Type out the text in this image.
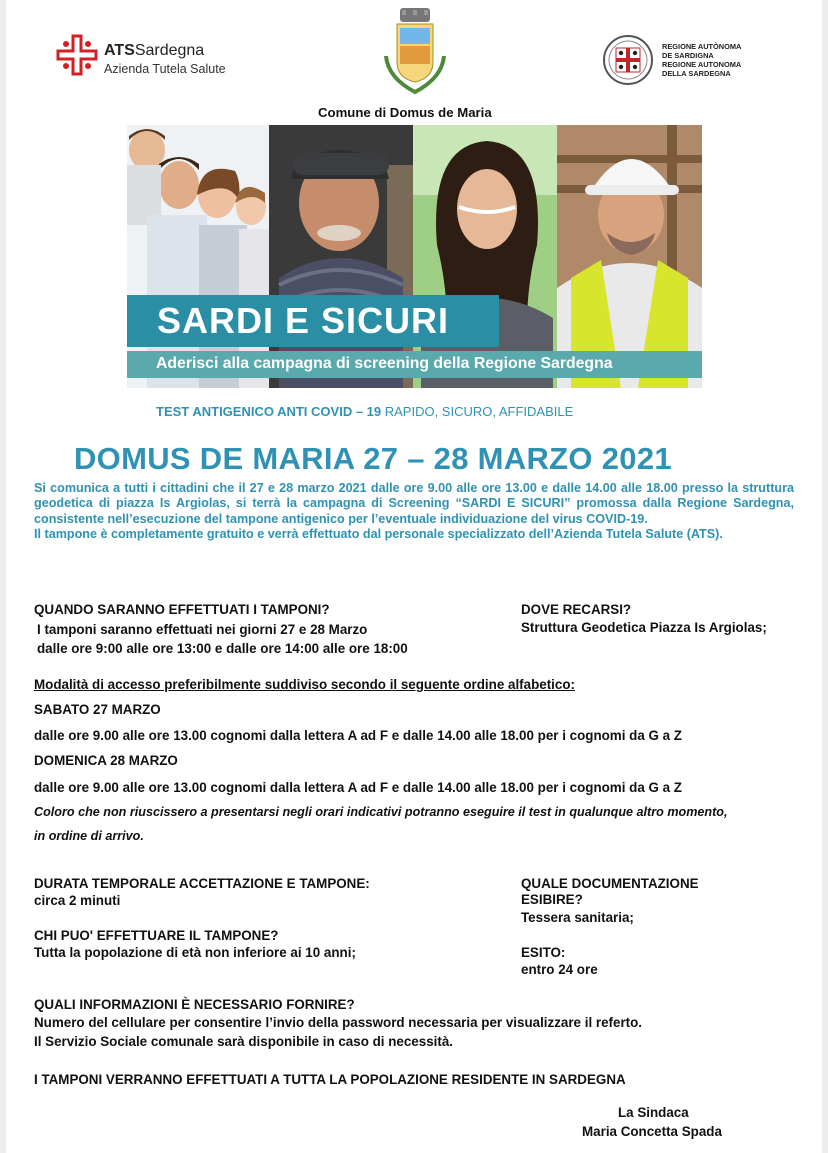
ATSSardegna
Azienda Tutela Salute
REGIONE AUTÒNOMA
DE SARDIGNA
REGIONE AUTONOMA
DELLA SARDEGNA
Comune di Domus de Maria
SARDI E SICURI
Aderisci alla campagna di screening della Regione Sardegna
TEST ANTIGENICO ANTI COVID – 19 RAPIDO, SICURO, AFFIDABILE
DOMUS DE MARIA 27 – 28 MARZO 2021

Si comunica a tutti i cittadini che il 27 e 28 marzo 2021 dalle ore 9.00 alle ore 13.00 e dalle 14.00 alle 18.00 presso la struttura geodetica di piazza Is Argiolas, si terrà la campagna di Screening “SARDI E SICURI” promossa dalla Regione Sardegna, consistente nell’esecuzione del tampone antigenico per l’eventuale individuazione del virus COVID-19.

Il tampone è completamente gratuito e verrà effettuato dal personale specializzato dell’Azienda Tutela Salute (ATS).

QUANDO SARANNO EFFETTUATI I TAMPONI?
I tamponi saranno effettuati nei giorni 27 e 28 Marzo
dalle ore 9:00 alle ore 13:00 e dalle ore 14:00 alle ore 18:00
DOVE RECARSI?
Struttura Geodetica Piazza Is Argiolas;
Modalità di accesso preferibilmente suddiviso secondo il seguente ordine alfabetico:
SABATO 27 MARZO
dalle ore 9.00 alle ore 13.00 cognomi dalla lettera A ad F e dalle 14.00 alle 18.00 per i cognomi da G a Z
DOMENICA 28 MARZO
dalle ore 9.00 alle ore 13.00 cognomi dalla lettera A ad F e dalle 14.00 alle 18.00 per i cognomi da G a Z
Coloro che non riuscissero a presentarsi negli orari indicativi potranno eseguire il test in qualunque altro momento,
in ordine di arrivo.
DURATA TEMPORALE ACCETTAZIONE E TAMPONE:
circa 2 minuti
QUALE DOCUMENTAZIONE
ESIBIRE?
Tessera sanitaria;
CHI PUO' EFFETTUARE IL TAMPONE?
Tutta la popolazione di età non inferiore ai 10 anni;	ESITO:
entro 24 ore
QUALI INFORMAZIONI È NECESSARIO FORNIRE?
Numero del cellulare per consentire l’invio della password necessaria per visualizzare il referto.
Il Servizio Sociale comunale sarà disponibile in caso di necessità.
I TAMPONI VERRANNO EFFETTUATI A TUTTA LA POPOLAZIONE RESIDENTE IN SARDEGNA
La Sindaca
Maria Concetta Spada
